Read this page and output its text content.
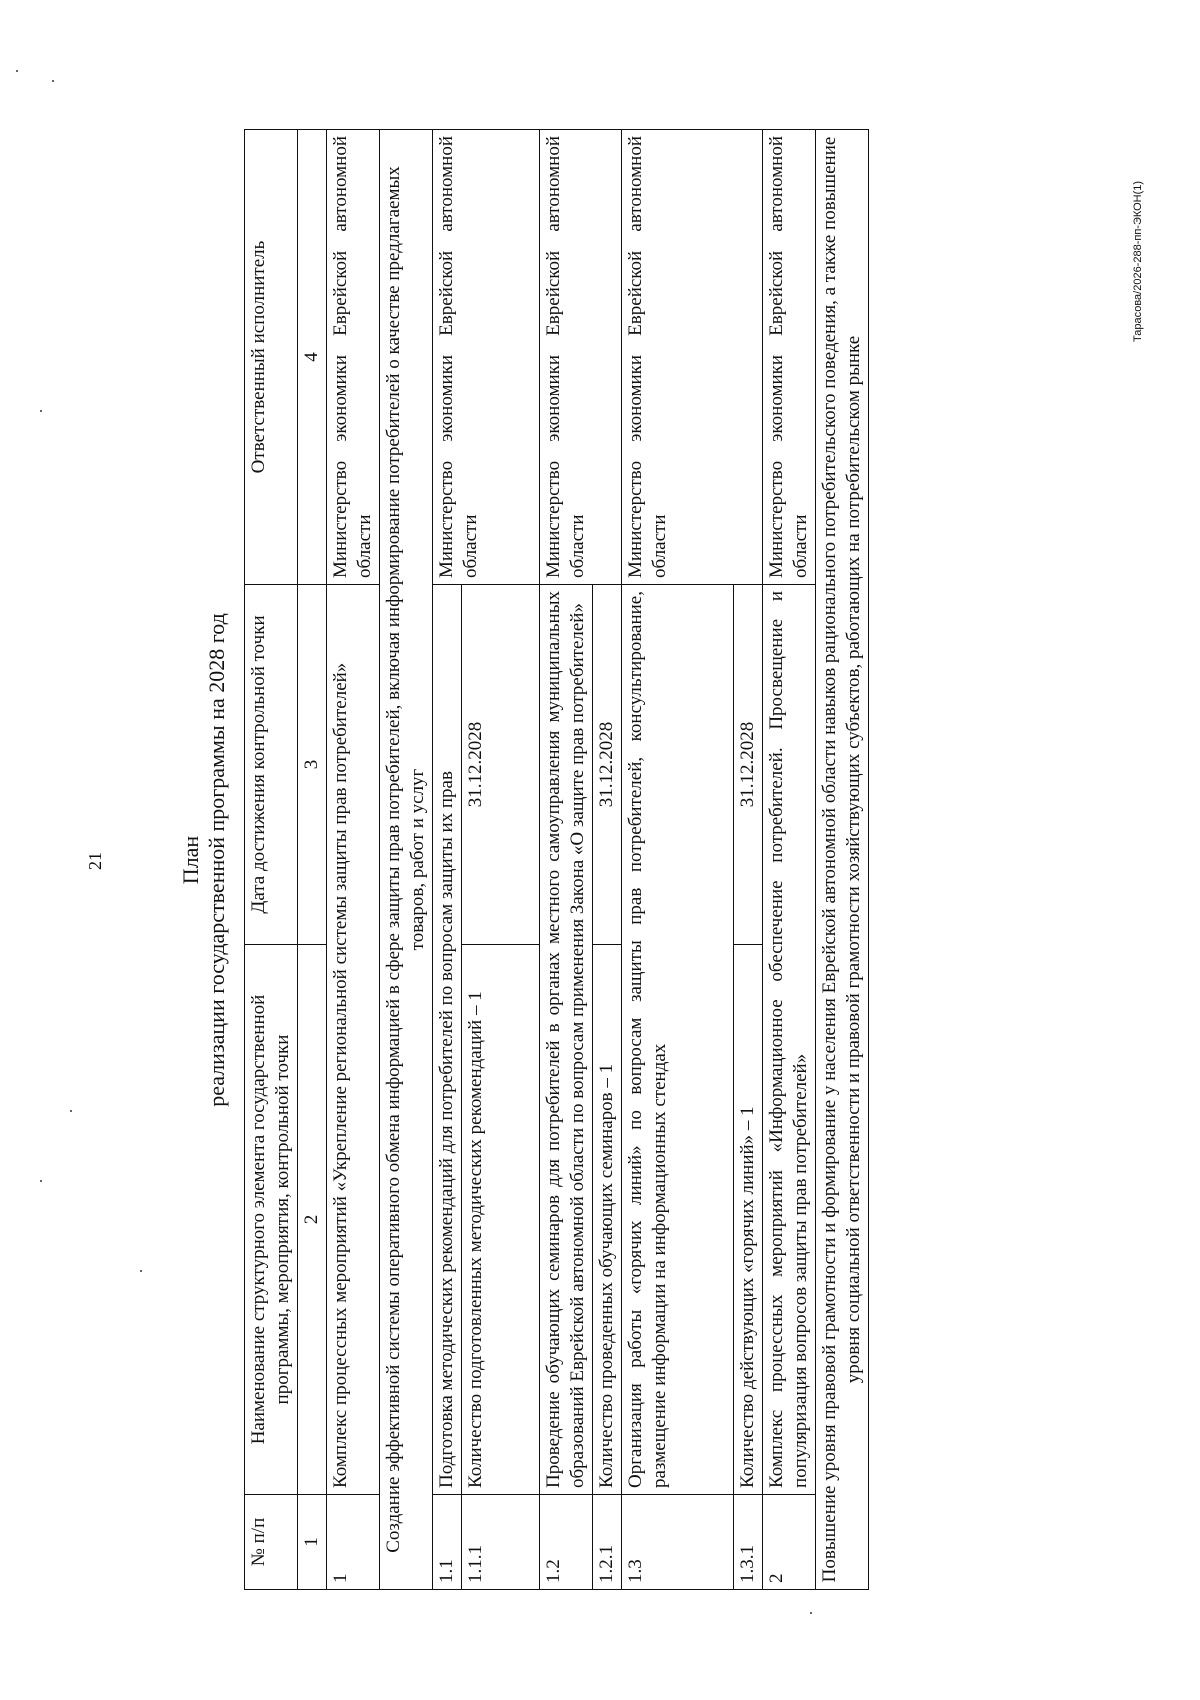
21
Тарасова/2026-288-пп-ЭКОН(1)
План реализации государственной программы на 2028 год
№ п/п	Наименование структурного элемента государственной программы, мероприятия, контрольной точки	Дата достижения контрольной точки	Ответственный исполнитель
1	2	3	4
1	Комплекс процессных мероприятий «Укрепление региональной системы защиты прав потребителей»		Министерство экономики Еврейской автономной области
Создание эффективной системы оперативного обмена информацией в сфере защиты прав потребителей, включая информирование потребителей о качестве предлагаемых товаров, работ и услуг			
1.1	Подготовка методических рекомендаций для потребителей по вопросам защиты их прав		Министерство экономики Еврейской автономной области
1.1.1	Количество подготовленных методических рекомендаций – 1	31.12.2028	
1.2	Проведение обучающих семинаров для потребителей в органах местного самоуправления муниципальных образований Еврейской автономной области по вопросам применения Закона «О защите прав потребителей»		Министерство экономики Еврейской автономной области
1.2.1	Количество проведенных обучающих семинаров – 1	31.12.2028	
1.3	Организация работы «горячих линий» по вопросам защиты прав потребителей, консультирование, размещение информации на информационных стендах		Министерство экономики Еврейской автономной области
1.3.1	Количество действующих «горячих линий» – 1	31.12.2028	
2	Комплекс процессных мероприятий «Информационное обеспечение потребителей. Просвещение и популяризация вопросов защиты прав потребителей»		Министерство экономики Еврейской автономной области
Повышение уровня правовой грамотности и формирование у населения Еврейской автономной области навыков рационального потребительского поведения, а также повышение уровня социальной ответственности и правовой грамотности хозяйствующих субъектов, работающих на потребительском рынке			
